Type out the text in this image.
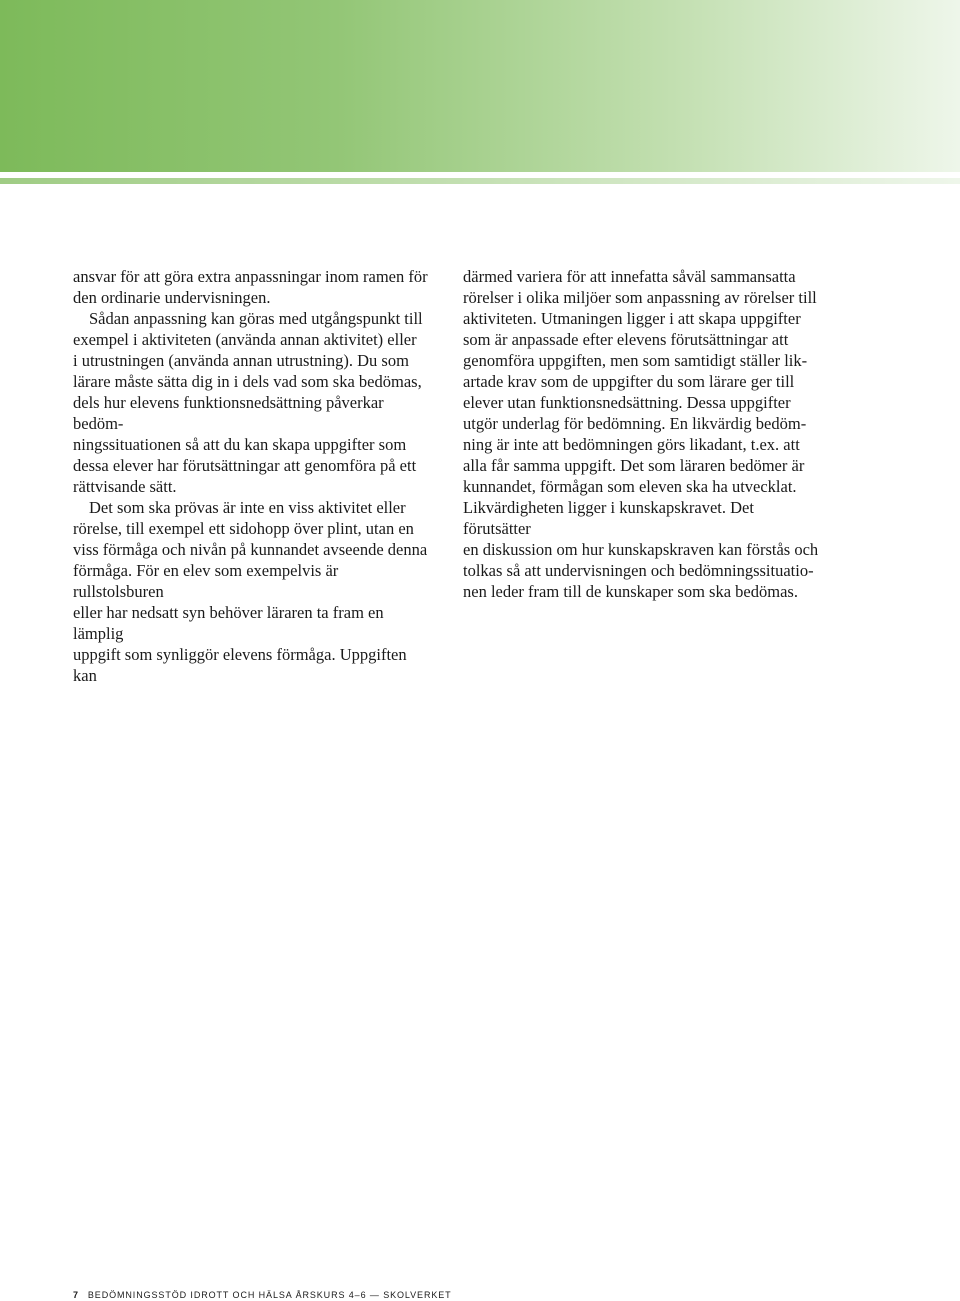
ansvar för att göra extra anpassningar inom ramen för
den ordinarie undervisningen.

Sådan anpassning kan göras med utgångspunkt till
exempel i aktiviteten (använda annan aktivitet) eller
i utrustningen (använda annan utrustning). Du som
lärare måste sätta dig in i dels vad som ska bedömas,
dels hur elevens funktionsnedsättning påverkar bedöm-
ningssituationen så att du kan skapa uppgifter som
dessa elever har förutsättningar att genomföra på ett
rättvisande sätt.

Det som ska prövas är inte en viss aktivitet eller
rörelse, till exempel ett sidohopp över plint, utan en
viss förmåga och nivån på kunnandet avseende denna
förmåga. För en elev som exempelvis är rullstolsburen
eller har nedsatt syn behöver läraren ta fram en lämplig
uppgift som synliggör elevens förmåga. Uppgiften kan

därmed variera för att innefatta såväl sammansatta
rörelser i olika miljöer som anpassning av rörelser till
aktiviteten. Utmaningen ligger i att skapa uppgifter
som är anpassade efter elevens förutsättningar att
genomföra uppgiften, men som samtidigt ställer lik-
artade krav som de uppgifter du som lärare ger till
elever utan funktionsnedsättning. Dessa uppgifter
utgör underlag för bedömning. En likvärdig bedöm-
ning är inte att bedömningen görs likadant, t.ex. att
alla får samma uppgift. Det som läraren bedömer är
kunnandet, förmågan som eleven ska ha utvecklat.
Likvärdigheten ligger i kunskapskravet. Det förutsätter
en diskussion om hur kunskapskraven kan förstås och
tolkas så att undervisningen och bedömningssituatio-
nen leder fram till de kunskaper som ska bedömas.

7 BEDÖMNINGSSTÖD IDROTT OCH HÄLSA ÅRSKURS 4–6 — SKOLVERKET
